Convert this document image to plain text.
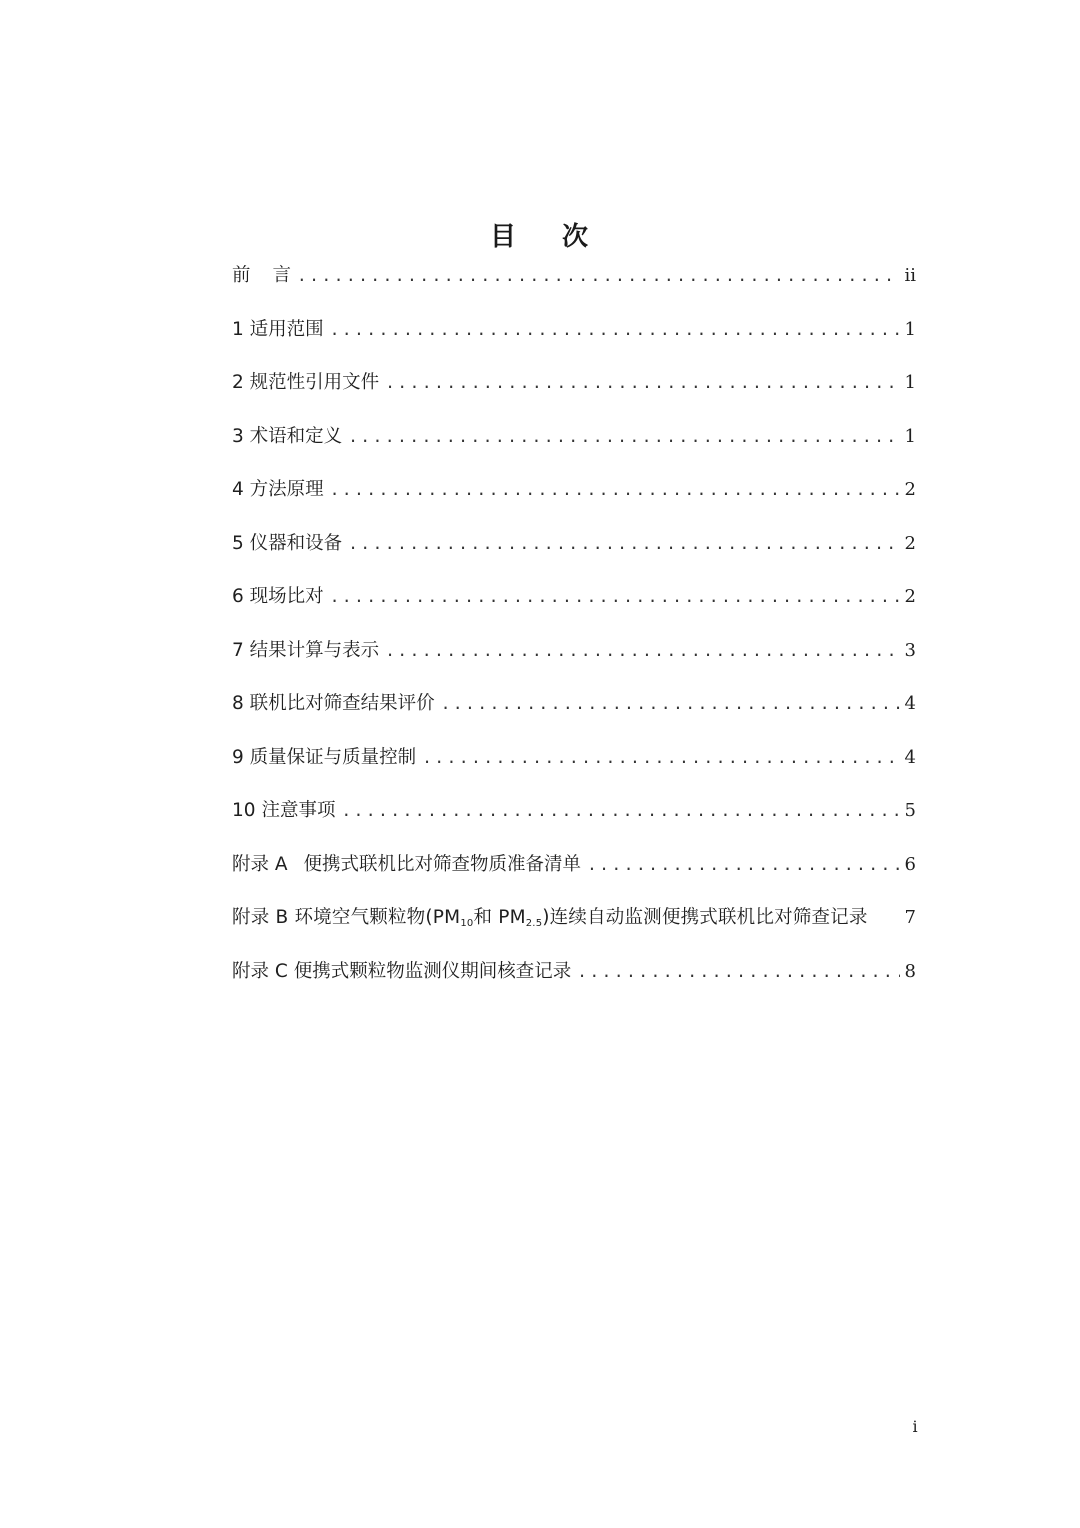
目 次
前 言 .....	ii
1 适用范围 .....	1
2 规范性引用文件 .....	1
3 术语和定义 .....	1
4 方法原理 .....	2
5 仪器和设备 .....	2
6 现场比对 .....	2
7 结果计算与表示 .....	3
8 联机比对筛查结果评价 .....	4
9 质量保证与质量控制 .....	4
10 注意事项 .....	5
附录 A 便携式联机比对筛查物质准备清单 .....	6
附录 B 环境空气颗粒物($PM_{10}$和 $PM_{2.5}$)连续自动监测便携式联机比对筛查记录	7
附录 C 便携式颗粒物监测仪期间核查记录 .....	8
i
